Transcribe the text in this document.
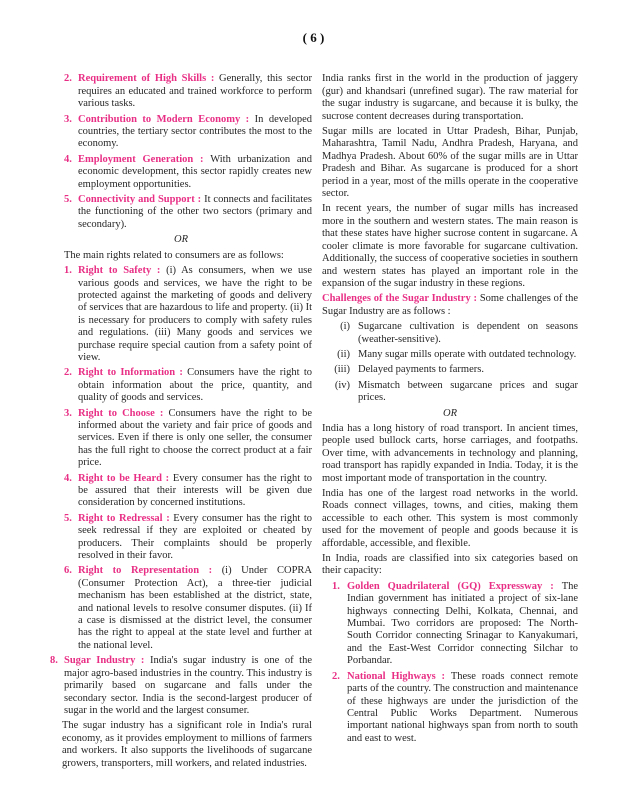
( 6 )
2. Requirement of High Skills : Generally, this sector requires an educated and trained workforce to perform various tasks.
3. Contribution to Modern Economy : In developed countries, the tertiary sector contributes the most to the economy.
4. Employment Generation : With urbanization and economic development, this sector rapidly creates new employment opportunities.
5. Connectivity and Support : It connects and facilitates the functioning of the other two sectors (primary and secondary).
OR
The main rights related to consumers are as follows:
1. Right to Safety : (i) As consumers, when we use various goods and services, we have the right to be protected against the marketing of goods and delivery of services that are hazardous to life and property. (ii) It is necessary for producers to comply with safety rules and regulations. (iii) Many goods and services we purchase require special caution from a safety point of view.
2. Right to Information : Consumers have the right to obtain information about the price, quantity, and quality of goods and services.
3. Right to Choose : Consumers have the right to be informed about the variety and fair price of goods and services. Even if there is only one seller, the consumer has the full right to choose the correct product at a fair price.
4. Right to be Heard : Every consumer has the right to be assured that their interests will be given due consideration by concerned institutions.
5. Right to Redressal : Every consumer has the right to seek redressal if they are exploited or cheated by producers. Their complaints should be properly resolved in their favor.
6. Right to Representation : (i) Under COPRA (Consumer Protection Act), a three-tier judicial mechanism has been established at the district, state, and national levels to resolve consumer disputes. (ii) If a case is dismissed at the district level, the consumer has the right to appeal at the state level and further at the national level.
8. Sugar Industry : India's sugar industry is one of the major agro-based industries in the country. This industry is primarily based on sugarcane and falls under the secondary sector. India is the second-largest producer of sugar in the world and the largest consumer.
The sugar industry has a significant role in India's rural economy, as it provides employment to millions of farmers and workers. It also supports the livelihoods of sugarcane growers, transporters, mill workers, and related industries.
India ranks first in the world in the production of jaggery (gur) and khandsari (unrefined sugar). The raw material for the sugar industry is sugarcane, and because it is bulky, the sucrose content decreases during transportation.
Sugar mills are located in Uttar Pradesh, Bihar, Punjab, Maharashtra, Tamil Nadu, Andhra Pradesh, Haryana, and Madhya Pradesh. About 60% of the sugar mills are in Uttar Pradesh and Bihar. As sugarcane is produced for a short period in a year, most of the mills operate in the cooperative sector.
In recent years, the number of sugar mills has increased more in the southern and western states. The main reason is that these states have higher sucrose content in sugarcane. A cooler climate is more favorable for sugarcane cultivation. Additionally, the success of cooperative societies in southern and western states has played an important role in the expansion of the sugar industry in these regions.
Challenges of the Sugar Industry : Some challenges of the Sugar Industry are as follows :
(i) Sugarcane cultivation is dependent on seasons (weather-sensitive).
(ii) Many sugar mills operate with outdated technology.
(iii) Delayed payments to farmers.
(iv) Mismatch between sugarcane prices and sugar prices.
OR
India has a long history of road transport. In ancient times, people used bullock carts, horse carriages, and footpaths. Over time, with advancements in technology and planning, road transport has rapidly expanded in India. Today, it is the most important mode of transportation in the country.
India has one of the largest road networks in the world. Roads connect villages, towns, and cities, making them accessible to each other. This system is most commonly used for the movement of people and goods because it is affordable, accessible, and flexible.
In India, roads are classified into six categories based on their capacity:
1. Golden Quadrilateral (GQ) Expressway : The Indian government has initiated a project of six-lane highways connecting Delhi, Kolkata, Chennai, and Mumbai. Two corridors are proposed: The North-South Corridor connecting Srinagar to Kanyakumari, and the East-West Corridor connecting Silchar to Porbandar.
2. National Highways : These roads connect remote parts of the country. The construction and maintenance of these highways are under the jurisdiction of the Central Public Works Department. Numerous important national highways span from north to south and east to west.
